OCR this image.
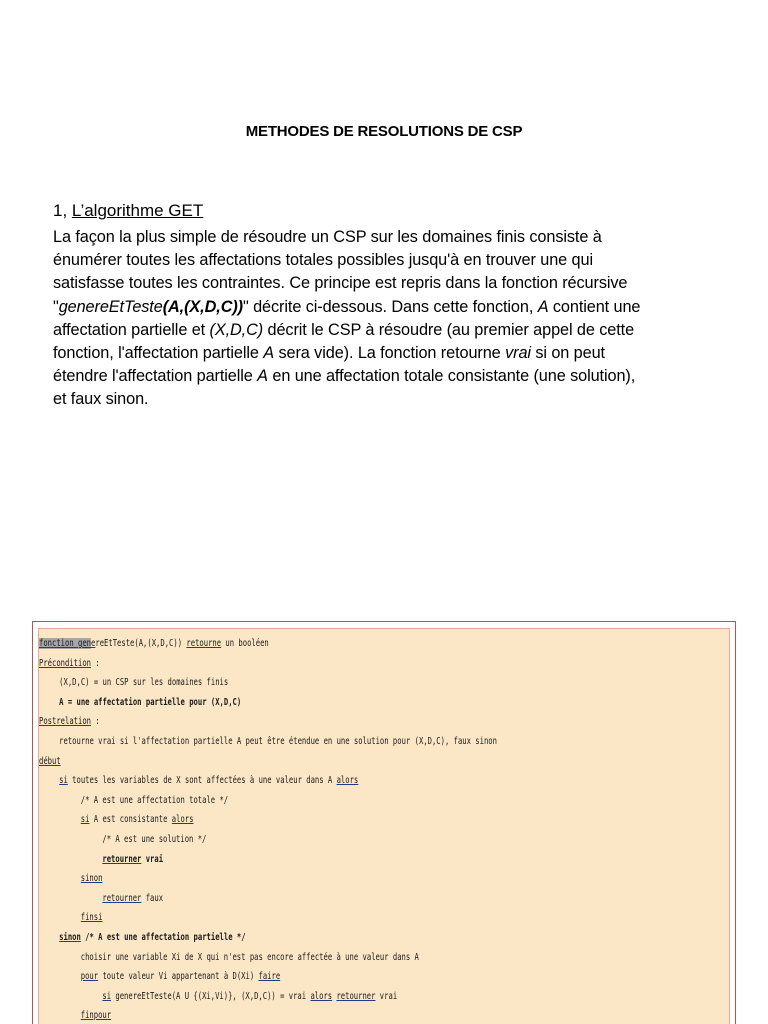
METHODES DE RESOLUTIONS DE CSP
1, L’algorithme GET
La façon la plus simple de résoudre un CSP sur les domaines finis consiste à
énumérer toutes les affectations totales possibles jusqu'à en trouver une qui
satisfasse toutes les contraintes. Ce principe est repris dans la fonction récursive
"genereEtTeste(A,(X,D,C))" décrite ci-dessous. Dans cette fonction, A contient une
affectation partielle et (X,D,C) décrit le CSP à résoudre (au premier appel de cette
fonction, l'affectation partielle A sera vide). La fonction retourne vrai si on peut
étendre l'affectation partielle A en une affectation totale consistante (une solution),
et faux sinon.
fonction genereEtTeste(A,(X,D,C)) retourne un booléen
Précondition :
(X,D,C) = un CSP sur les domaines finis
A = une affectation partielle pour (X,D,C)
Postrelation :
retourne vrai si l'affectation partielle A peut être étendue en une solution pour (X,D,C), faux sinon
début
si toutes les variables de X sont affectées à une valeur dans A alors
/* A est une affectation totale */
si A est consistante alors
/* A est une solution */
retourner vrai
sinon
retourner faux
finsi
sinon /* A est une affectation partielle */
choisir une variable Xi de X qui n'est pas encore affectée à une valeur dans A
pour toute valeur Vi appartenant à D(Xi) faire
si genereEtTeste(A U {(Xi,Vi)}, (X,D,C)) = vrai alors retourner vrai
finpour
